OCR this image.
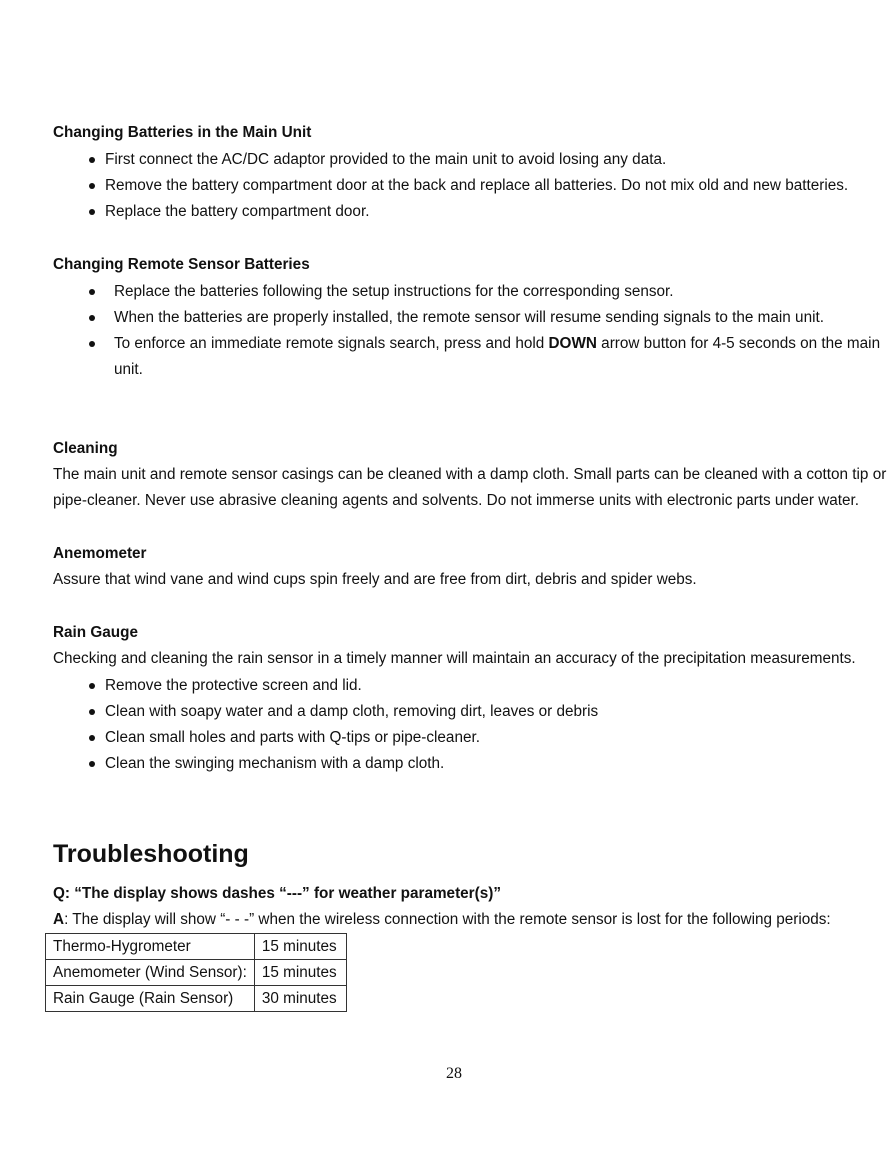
Changing Batteries in the Main Unit
First connect the AC/DC adaptor provided to the main unit to avoid losing any data.
Remove the battery compartment door at the back and replace all batteries. Do not mix old and new batteries.
Replace the battery compartment door.
Changing Remote Sensor Batteries
Replace the batteries following the setup instructions for the corresponding sensor.
When the batteries are properly installed, the remote sensor will resume sending signals to the main unit.
To enforce an immediate remote signals search, press and hold DOWN arrow button for 4-5 seconds on the main
unit.
Cleaning
The main unit and remote sensor casings can be cleaned with a damp cloth. Small parts can be cleaned with a cotton tip or
pipe-cleaner. Never use abrasive cleaning agents and solvents. Do not immerse units with electronic parts under water.
Anemometer
Assure that wind vane and wind cups spin freely and are free from dirt, debris and spider webs.
Rain Gauge
Checking and cleaning the rain sensor in a timely manner will maintain an accuracy of the precipitation measurements.
Remove the protective screen and lid.
Clean with soapy water and a damp cloth, removing dirt, leaves or debris
Clean small holes and parts with Q-tips or pipe-cleaner.
Clean the swinging mechanism with a damp cloth.
Troubleshooting
Q: “The display shows dashes “---” for weather parameter(s)”
A: The display will show “- - -” when the wireless connection with the remote sensor is lost for the following periods:
Thermo-Hygrometer	15 minutes
Anemometer (Wind Sensor):	15 minutes
Rain Gauge (Rain Sensor)	30 minutes
28
